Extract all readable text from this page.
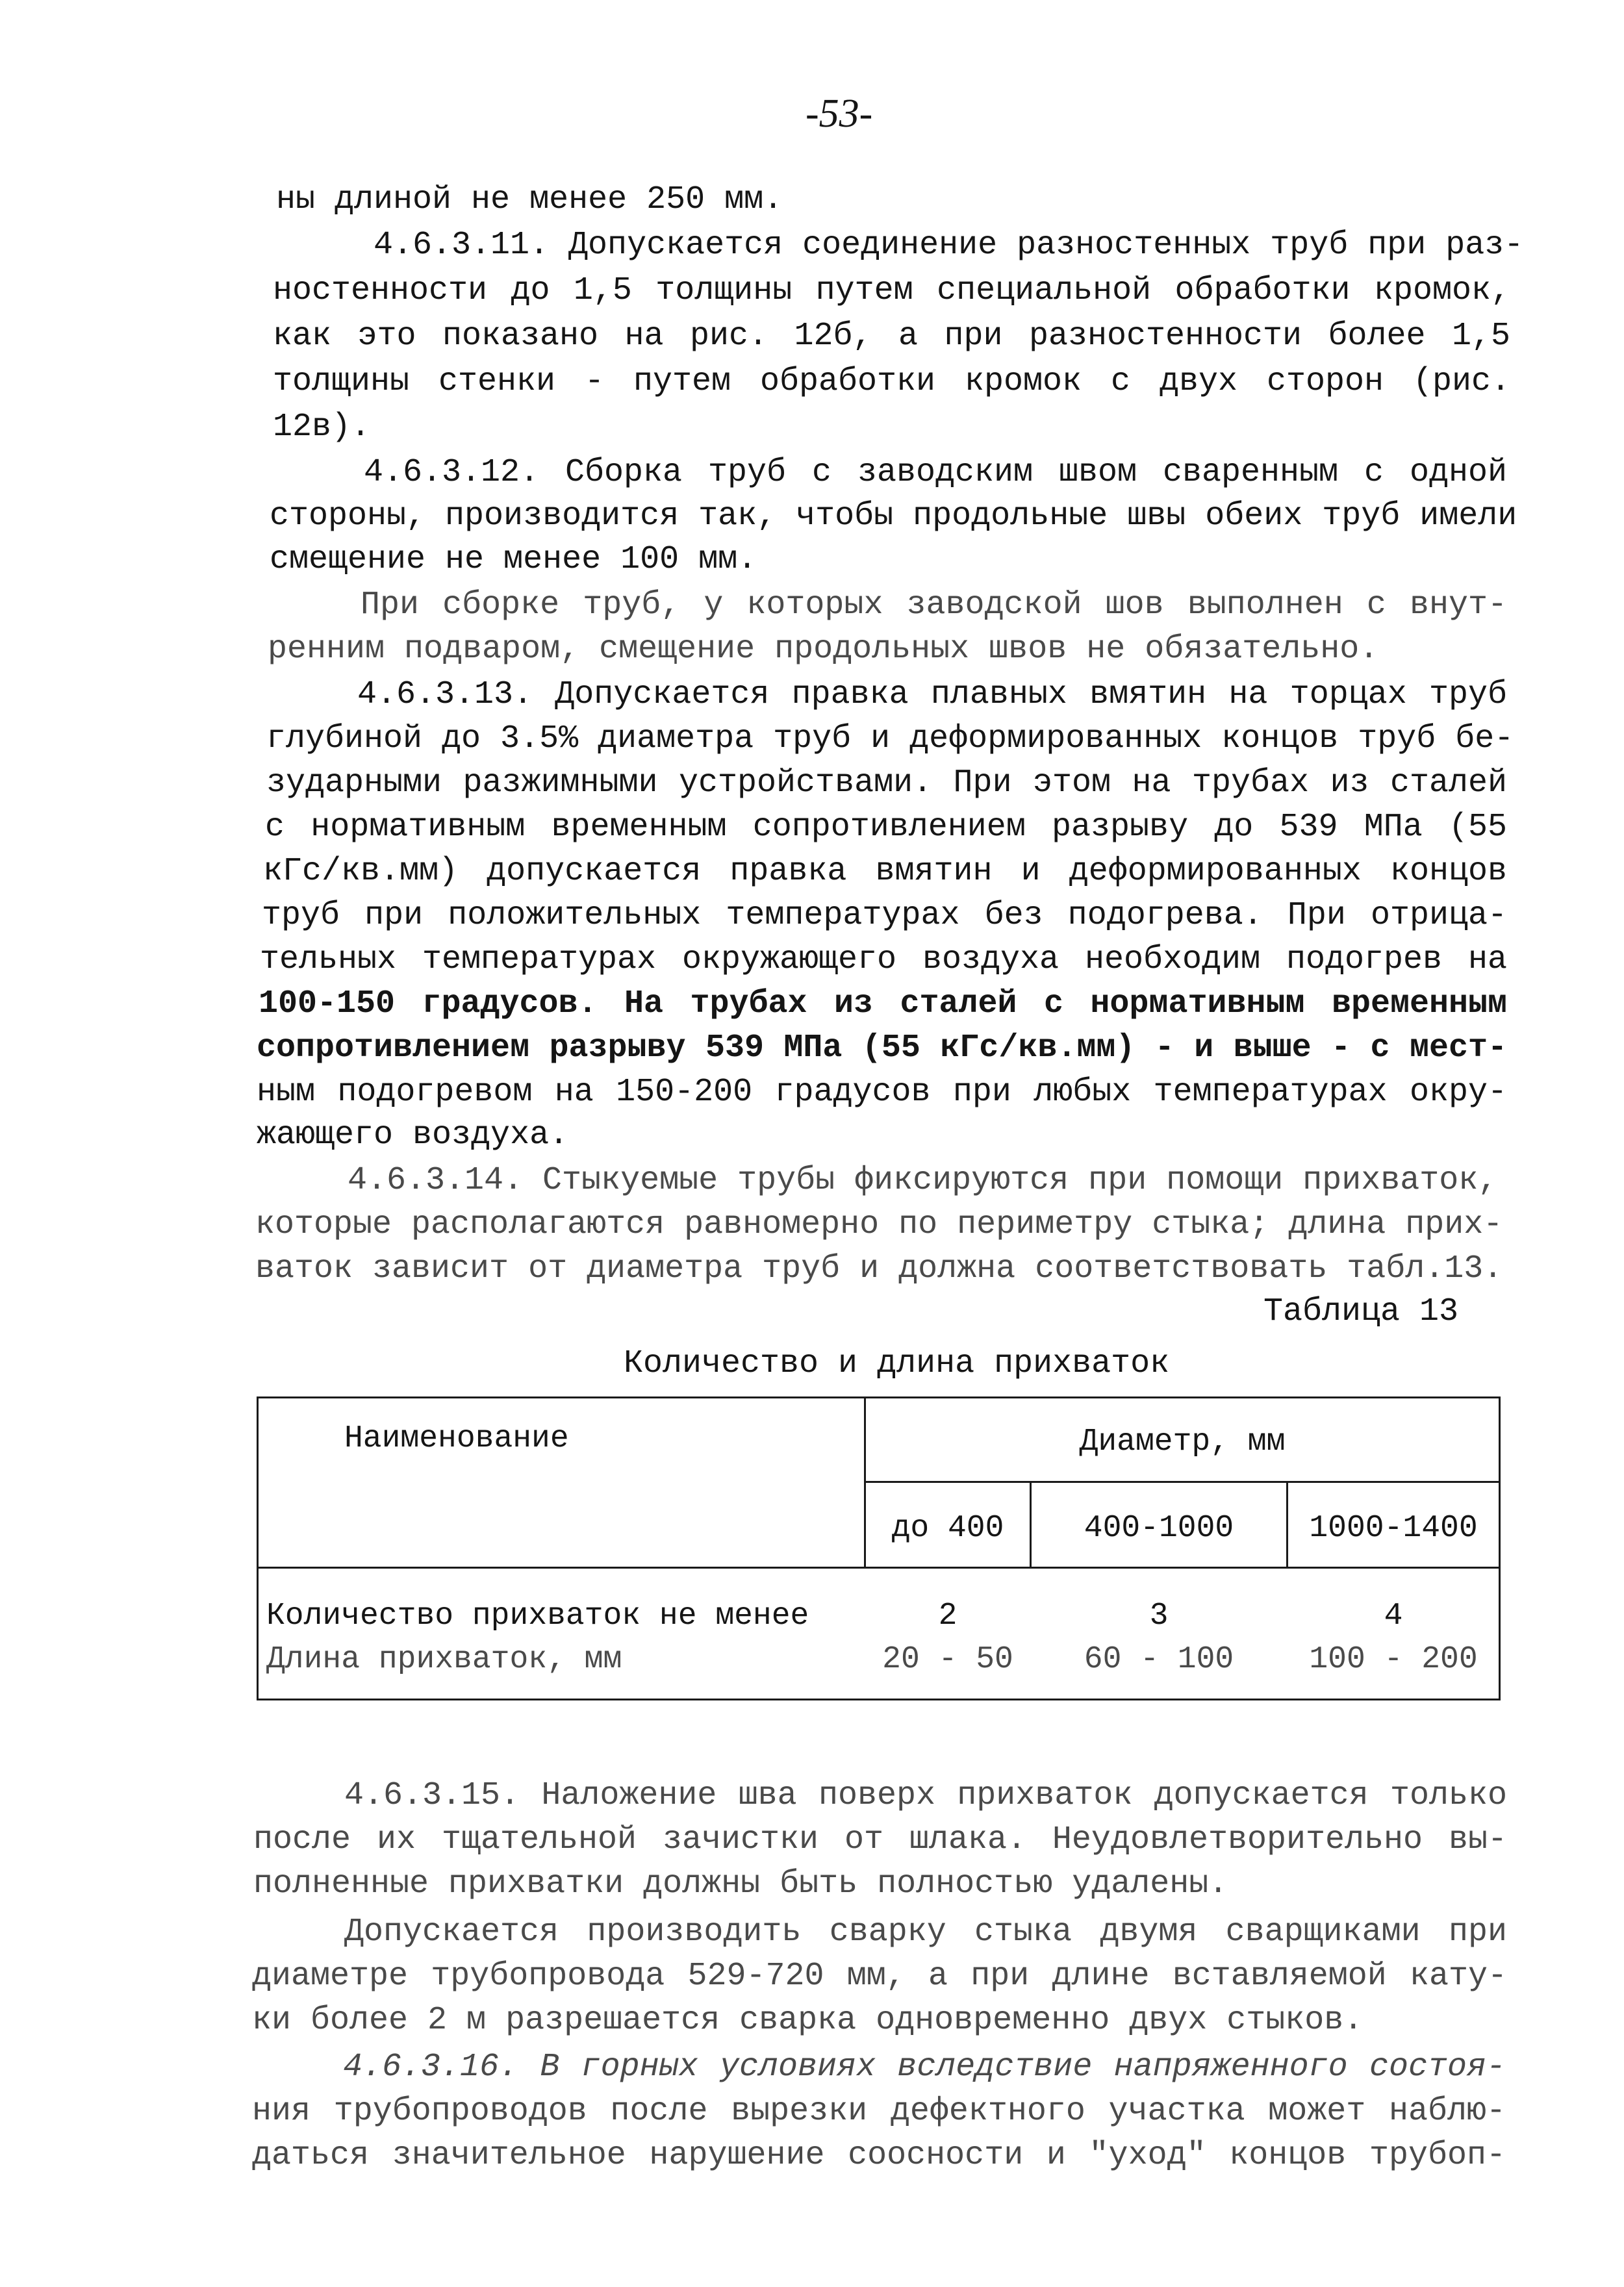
-53-
ны длиной не менее 250 мм.
4.6.3.11. Допускается соединение разностенных труб при раз-
ностенности до 1,5 толщины путем специальной обработки кромок,
как это показано на рис. 12б, а при разностенности более 1,5
толщины стенки - путем обработки кромок с двух сторон (рис.
12в).
4.6.3.12. Сборка труб с заводским швом сваренным с одной
стороны, производится так, чтобы продольные швы обеих труб имели
смещение не менее 100 мм.
При сборке труб, у которых заводской шов выполнен с внут-
ренним подваром, смещение продольных швов не обязательно.
4.6.3.13. Допускается правка плавных вмятин на торцах труб
глубиной до 3.5% диаметра труб и деформированных концов труб бе-
зударными разжимными устройствами. При этом на трубах из сталей
с нормативным временным сопротивлением разрыву до 539 МПа (55
кГс/кв.мм) допускается правка вмятин и деформированных концов
труб при положительных температурах без подогрева. При отрица-
тельных температурах окружающего воздуха необходим подогрев на
100-150 градусов. На трубах из сталей с нормативным временным
сопротивлением разрыву 539 МПа (55 кГс/кв.мм) - и выше - с мест-
ным подогревом на 150-200 градусов при любых температурах окру-
жающего воздуха.
4.6.3.14. Стыкуемые трубы фиксируются при помощи прихваток,
которые располагаются равномерно по периметру стыка; длина прих-
ваток зависит от диаметра труб и должна соответствовать табл.13.
Таблица 13
Количество и длина прихваток
Наименование	Диаметр, мм
до 400	400-1000	1000-1400
Количество прихваток не менее	2	3	4
Длина прихваток, мм	20 - 50	60 - 100	100 - 200
4.6.3.15. Наложение шва поверх прихваток допускается только
после их тщательной зачистки от шлака. Неудовлетворительно вы-
полненные прихватки должны быть полностью удалены.
Допускается производить сварку стыка двумя сварщиками при
диаметре трубопровода 529-720 мм, а при длине вставляемой кату-
ки более 2 м разрешается сварка одновременно двух стыков.
4.6.3.16. В горных условиях вследствие напряженного состоя-
ния трубопроводов после вырезки дефектного участка может наблю-
даться значительное нарушение соосности и "уход" концов трубоп-
